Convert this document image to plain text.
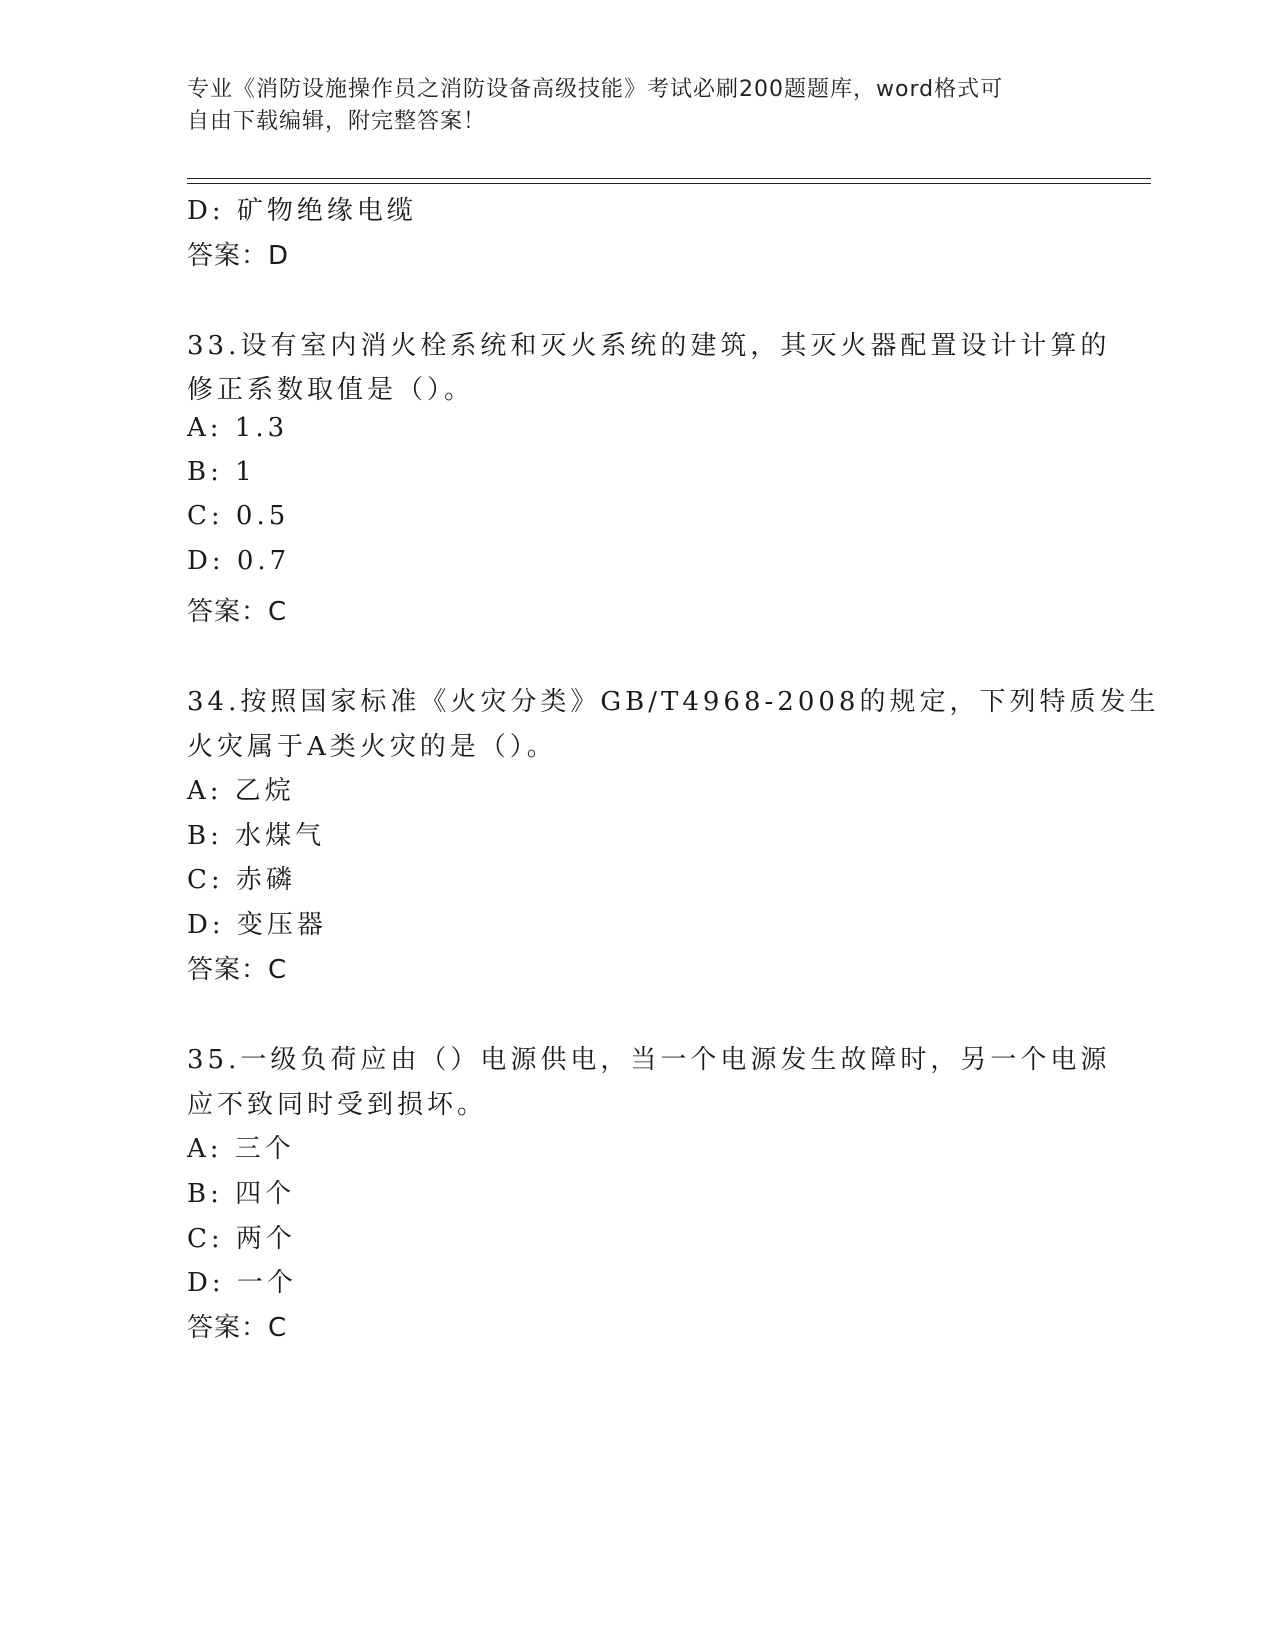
专业《消防设施操作员之消防设备高级技能》考试必刷200题题库，word格式可
自由下载编辑，附完整答案！
D: 矿物绝缘电缆
答案：D
33.设有室内消火栓系统和灭火系统的建筑，其灭火器配置设计计算的
修正系数取值是（）。
A: 1.3
B: 1
C: 0.5
D: 0.7
答案：C
34.按照国家标准《火灾分类》GB/T4968-2008的规定，下列特质发生
火灾属于A类火灾的是（）。
A: 乙烷
B: 水煤气
C: 赤磷
D: 变压器
答案：C
35.一级负荷应由（）电源供电，当一个电源发生故障时，另一个电源
应不致同时受到损坏。
A: 三个
B: 四个
C: 两个
D: 一个
答案：C
